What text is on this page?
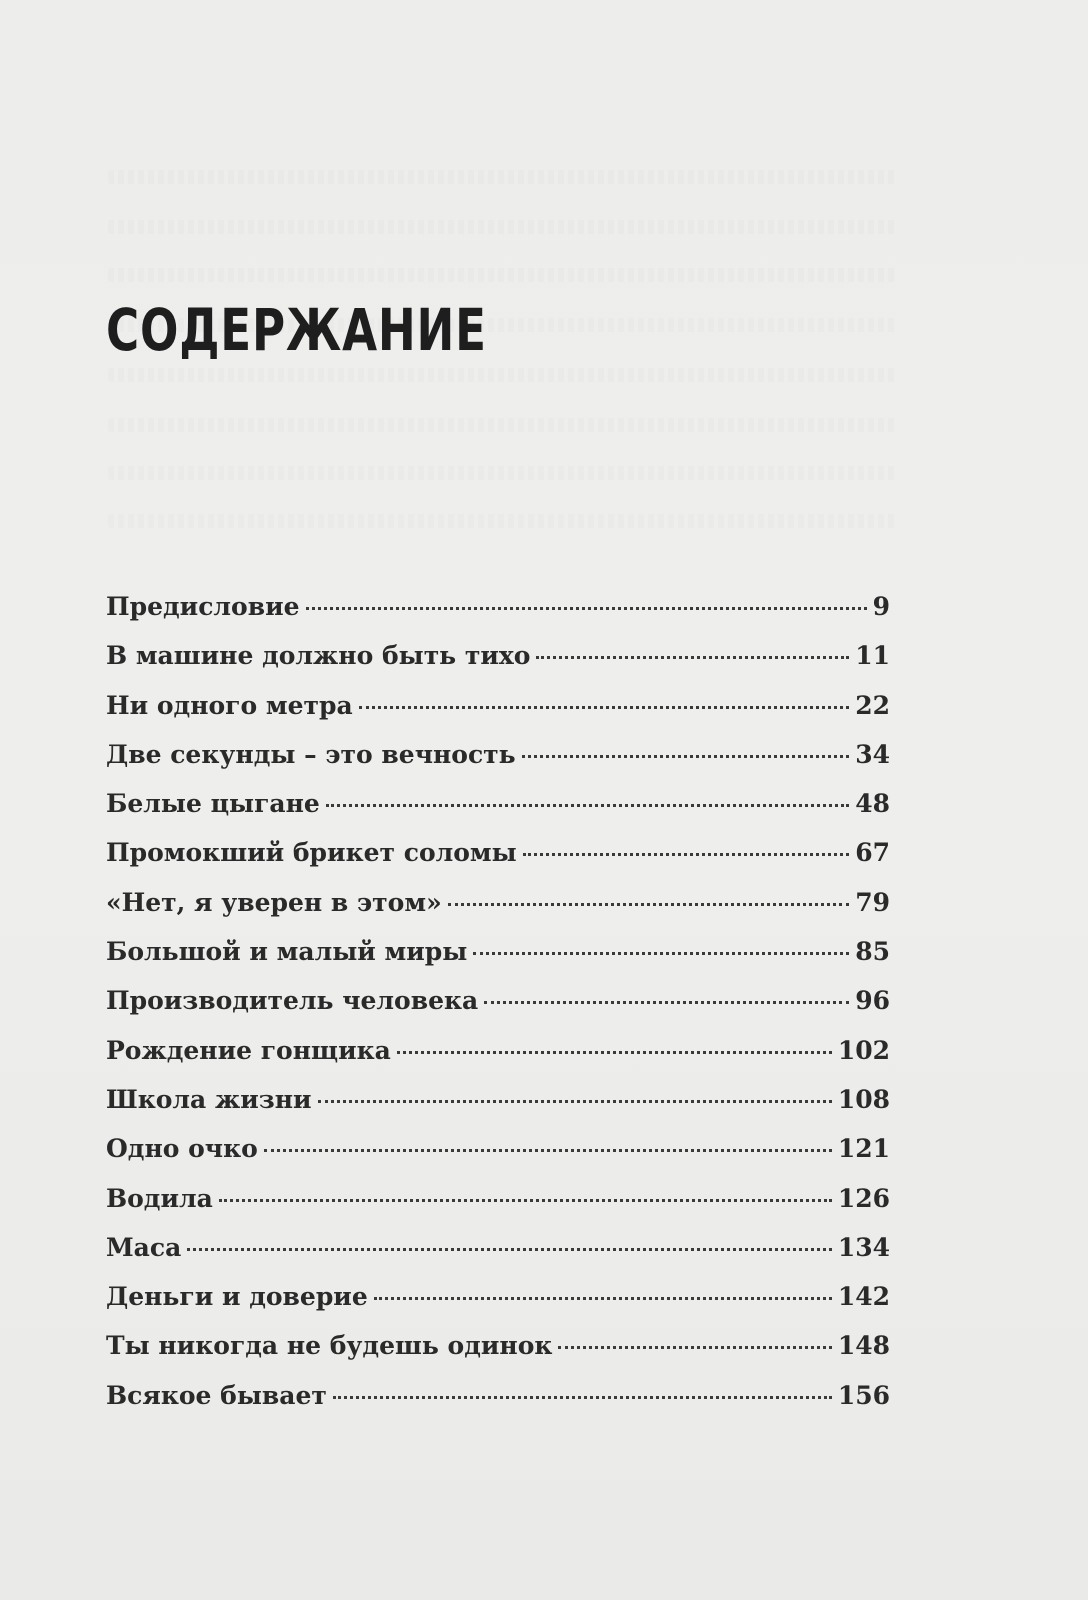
СОДЕРЖАНИЕ
Предисловие	9
В машине должно быть тихо	11
Ни одного метра	22
Две секунды – это вечность	34
Белые цыгане	48
Промокший брикет соломы	67
«Нет, я уверен в этом»	79
Большой и малый миры	85
Производитель человека	96
Рождение гонщика	102
Школа жизни	108
Одно очко	121
Водила	126
Маса	134
Деньги и доверие	142
Ты никогда не будешь одинок	148
Всякое бывает	156
